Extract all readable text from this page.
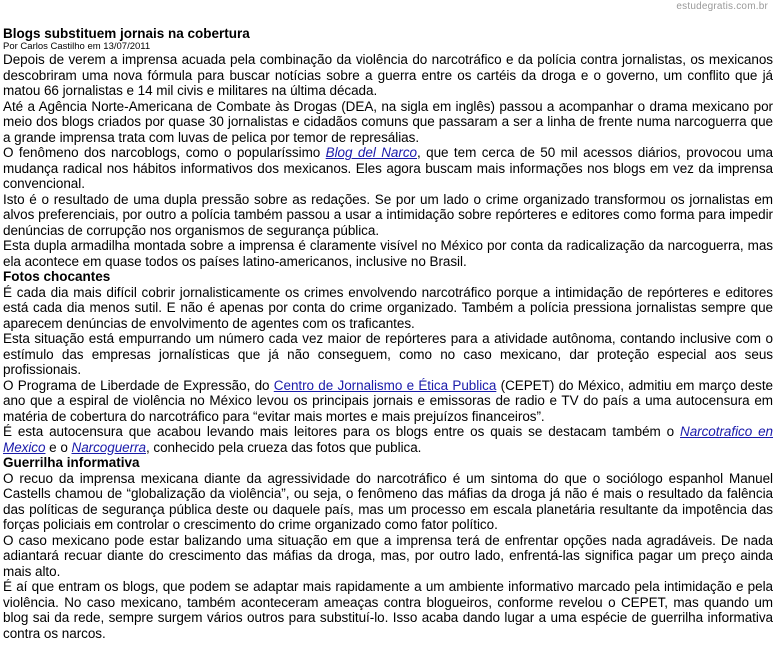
estudegratis.com.br

Blogs substituem jornais na cobertura

Por Carlos Castilho em 13/07/2011

Depois de verem a imprensa acuada pela combinação da violência do narcotráfico e da polícia contra jornalistas, os mexicanos descobriram uma nova fórmula para buscar notícias sobre a guerra entre os cartéis da droga e o governo, um conflito que já matou 66 jornalistas e 14 mil civis e militares na última década.

Até a Agência Norte-Americana de Combate às Drogas (DEA, na sigla em inglês) passou a acompanhar o drama mexicano por meio dos blogs criados por quase 30 jornalistas e cidadãos comuns que passaram a ser a linha de frente numa narcoguerra que a grande imprensa trata com luvas de pelica por temor de represálias.

O fenômeno dos narcoblogs, como o popularíssimo Blog del Narco, que tem cerca de 50 mil acessos diários, provocou uma mudança radical nos hábitos informativos dos mexicanos. Eles agora buscam mais informações nos blogs em vez da imprensa convencional.

Isto é o resultado de uma dupla pressão sobre as redações. Se por um lado o crime organizado transformou os jornalistas em alvos preferenciais, por outro a polícia também passou a usar a intimidação sobre repórteres e editores como forma para impedir denúncias de corrupção nos organismos de segurança pública.

Esta dupla armadilha montada sobre a imprensa é claramente visível no México por conta da radicalização da narcoguerra, mas ela acontece em quase todos os países latino-americanos, inclusive no Brasil.

Fotos chocantes

É cada dia mais difícil cobrir jornalisticamente os crimes envolvendo narcotráfico porque a intimidação de repórteres e editores está cada dia menos sutil. E não é apenas por conta do crime organizado. Também a polícia pressiona jornalistas sempre que aparecem denúncias de envolvimento de agentes com os traficantes.

Esta situação está empurrando um número cada vez maior de repórteres para a atividade autônoma, contando inclusive com o estímulo das empresas jornalísticas que já não conseguem, como no caso mexicano, dar proteção especial aos seus profissionais.

O Programa de Liberdade de Expressão, do Centro de Jornalismo e Ética Publica (CEPET) do México, admitiu em março deste ano que a espiral de violência no México levou os principais jornais e emissoras de radio e TV do país a uma autocensura em matéria de cobertura do narcotráfico para “evitar mais mortes e mais prejuízos financeiros”.

É esta autocensura que acabou levando mais leitores para os blogs entre os quais se destacam também o Narcotrafico en Mexico e o Narcoguerra, conhecido pela crueza das fotos que publica.

Guerrilha informativa

O recuo da imprensa mexicana diante da agressividade do narcotráfico é um sintoma do que o sociólogo espanhol Manuel Castells chamou de “globalização da violência”, ou seja, o fenômeno das máfias da droga já não é mais o resultado da falência das políticas de segurança pública deste ou daquele país, mas um processo em escala planetária resultante da impotência das forças policiais em controlar o crescimento do crime organizado como fator político.

O caso mexicano pode estar balizando uma situação em que a imprensa terá de enfrentar opções nada agradáveis. De nada adiantará recuar diante do crescimento das máfias da droga, mas, por outro lado, enfrentá-las significa pagar um preço ainda mais alto.

É aí que entram os blogs, que podem se adaptar mais rapidamente a um ambiente informativo marcado pela intimidação e pela violência. No caso mexicano, também aconteceram ameaças contra blogueiros, conforme revelou o CEPET, mas quando um blog sai da rede, sempre surgem vários outros para substituí-lo. Isso acaba dando lugar a uma espécie de guerrilha informativa contra os narcos.
